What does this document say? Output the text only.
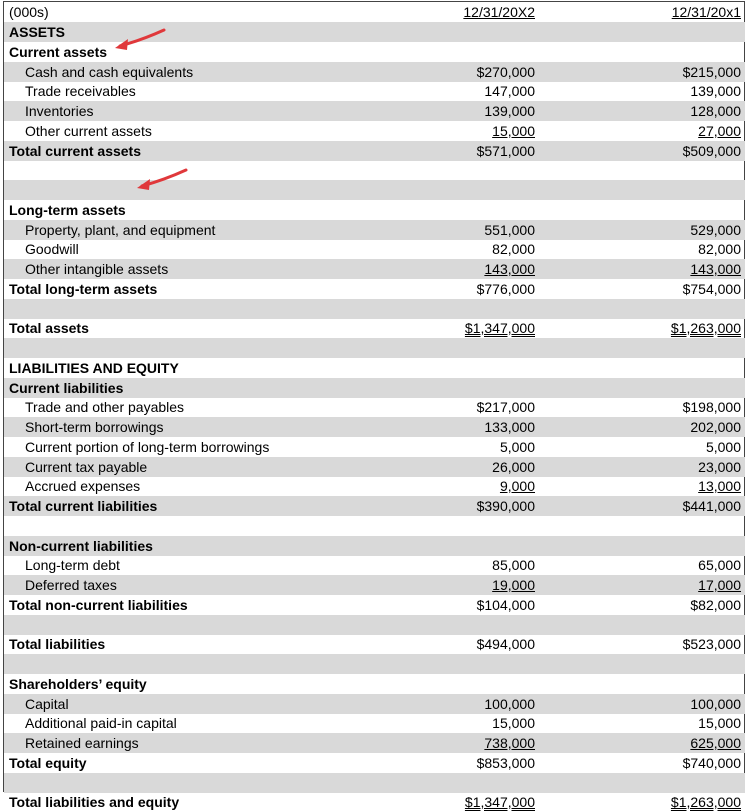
(000s)	12/31/20X2	12/31/20x1
ASSETS
Current assets
Cash and cash equivalents	$270,000	$215,000
Trade receivables	147,000	139,000
Inventories	139,000	128,000
Other current assets	15,000	27,000
Total current assets	$571,000	$509,000
Long-term assets
Property, plant, and equipment	551,000	529,000
Goodwill	82,000	82,000
Other intangible assets	143,000	143,000
Total long-term assets	$776,000	$754,000
Total assets	$1,347,000	$1,263,000
LIABILITIES AND EQUITY
Current liabilities
Trade and other payables	$217,000	$198,000
Short-term borrowings	133,000	202,000
Current portion of long-term borrowings	5,000	5,000
Current tax payable	26,000	23,000
Accrued expenses	9,000	13,000
Total current liabilities	$390,000	$441,000
Non-current liabilities
Long-term debt	85,000	65,000
Deferred taxes	19,000	17,000
Total non-current liabilities	$104,000	$82,000
Total liabilities	$494,000	$523,000
Shareholders’ equity
Capital	100,000	100,000
Additional paid-in capital	15,000	15,000
Retained earnings	738,000	625,000
Total equity	$853,000	$740,000
Total liabilities and equity	$1,347,000	$1,263,000
